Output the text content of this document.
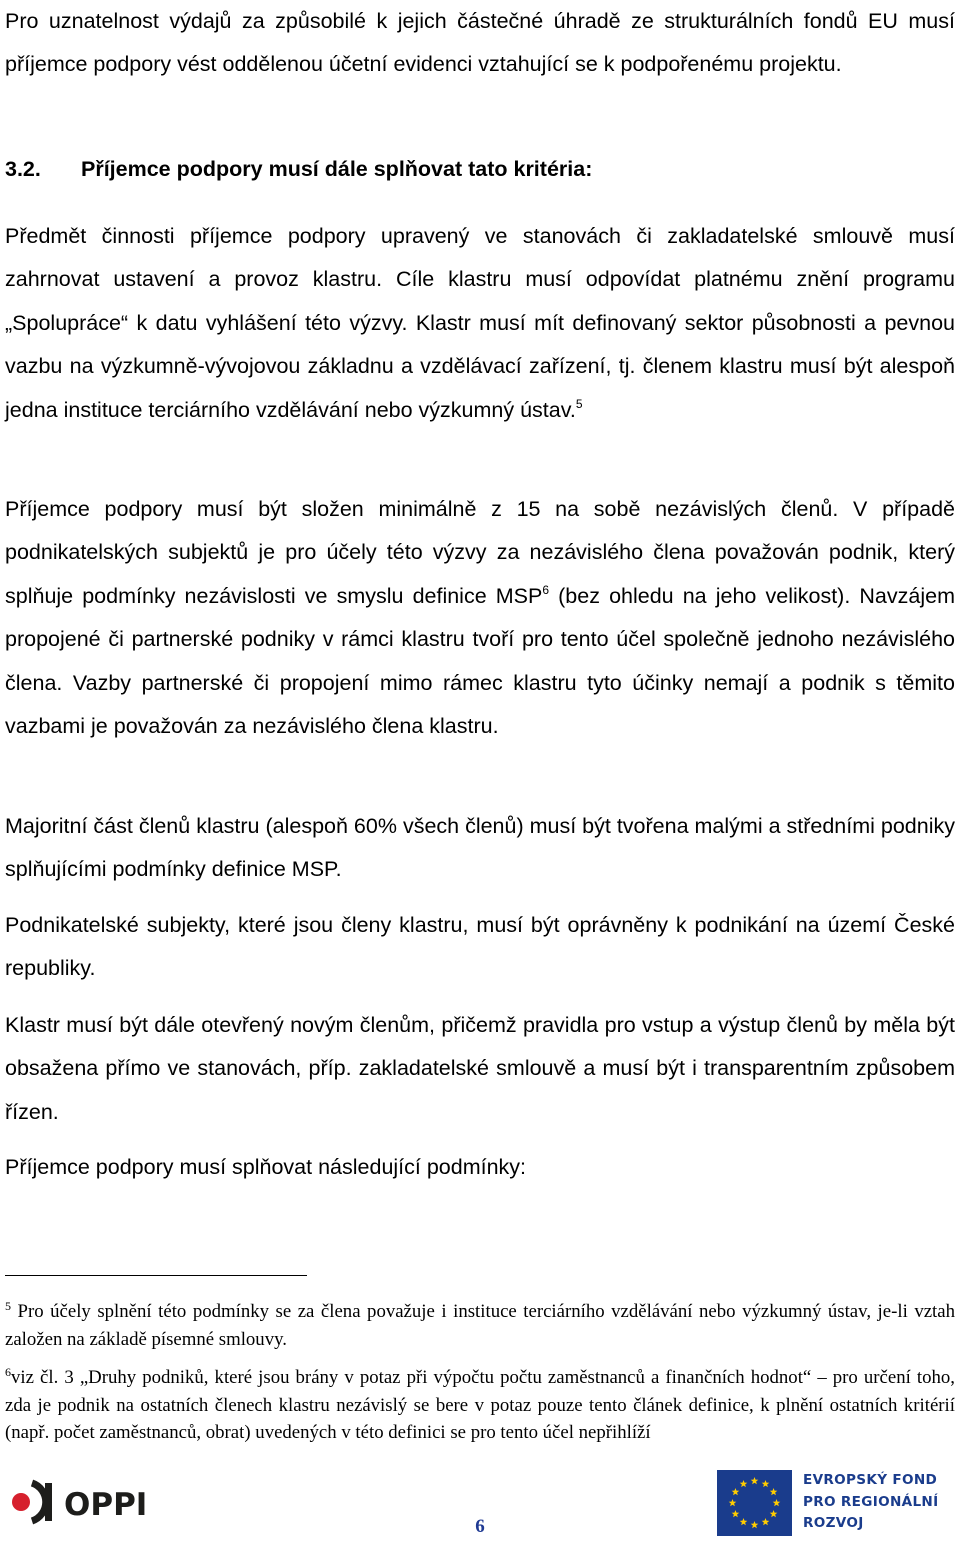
Pro uznatelnost výdajů za způsobilé k jejich částečné úhradě ze strukturálních fondů EU musí příjemce podpory vést oddělenou účetní evidenci vztahující se k podpořenému projektu.

3.2. Příjemce podpory musí dále splňovat tato kritéria:

Předmět činnosti příjemce podpory upravený ve stanovách či zakladatelské smlouvě musí zahrnovat ustavení a provoz klastru. Cíle klastru musí odpovídat platnému znění programu „Spolupráce“ k datu vyhlášení této výzvy. Klastr musí mít definovaný sektor působnosti a pevnou vazbu na výzkumně-vývojovou základnu a vzdělávací zařízení, tj. členem klastru musí být alespoň jedna instituce terciárního vzdělávání nebo výzkumný ústav.$^5$

Příjemce podpory musí být složen minimálně z 15 na sobě nezávislých členů. V případě podnikatelských subjektů je pro účely této výzvy za nezávislého člena považován podnik, který splňuje podmínky nezávislosti ve smyslu definice MSP$^6$ (bez ohledu na jeho velikost). Navzájem propojené či partnerské podniky v rámci klastru tvoří pro tento účel společně jednoho nezávislého člena. Vazby partnerské či propojení mimo rámec klastru tyto účinky nemají a podnik s těmito vazbami je považován za nezávislého člena klastru.

Majoritní část členů klastru (alespoň 60% všech členů) musí být tvořena malými a středními podniky splňujícími podmínky definice MSP.

Podnikatelské subjekty, které jsou členy klastru, musí být oprávněny k podnikání na území České republiky.

Klastr musí být dále otevřený novým členům, přičemž pravidla pro vstup a výstup členů by měla být obsažena přímo ve stanovách, příp. zakladatelské smlouvě a musí být i transparentním způsobem řízen.

Příjemce podpory musí splňovat následující podmínky:

$^5$ Pro účely splnění této podmínky se za člena považuje i instituce terciárního vzdělávání nebo výzkumný ústav, je-li vztah založen na základě písemné smlouvy.

$^6$viz čl. 3 „Druhy podniků, které jsou brány v potaz při výpočtu počtu zaměstnanců a finančních hodnot“ – pro určení toho, zda je podnik na ostatních členech klastru nezávislý se bere v potaz pouze tento článek definice, k plnění ostatních kritérií (např. počet zaměstnanců, obrat) uvedených v této definici se pro tento účel nepřihlíží

OPPI
6
EVROPSKÝ FOND
PRO REGIONÁLNÍ
ROZVOJ
